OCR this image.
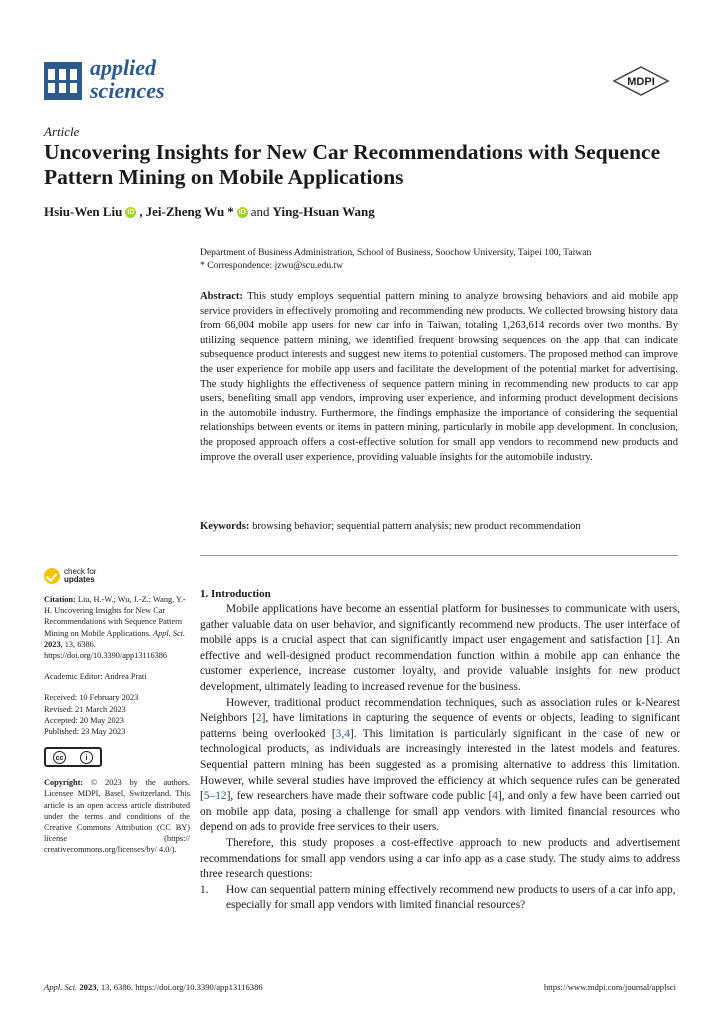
applied
sciences	MDPI
Article
Uncovering Insights for New Car Recommendations with Sequence Pattern Mining on Mobile Applications
Hsiu-Wen Liu iD , Jei-Zheng Wu * iD and Ying-Hsuan Wang
Department of Business Administration, School of Business, Soochow University, Taipei 100, Taiwan
* Correspondence: jzwu@scu.edu.tw

Abstract: This study employs sequential pattern mining to analyze browsing behaviors and aid mobile app service providers in effectively promoting and recommending new products. We collected browsing history data from 66,004 mobile app users for new car info in Taiwan, totaling 1,263,614 records over two months. By utilizing sequence pattern mining, we identified frequent browsing sequences on the app that can indicate subsequence product interests and suggest new items to potential customers. The proposed method can improve the user experience for mobile app users and facilitate the development of the potential market for advertising. The study highlights the effectiveness of sequence pattern mining in recommending new products to car app users, benefiting small app vendors, improving user experience, and informing product development decisions in the automobile industry. Furthermore, the findings emphasize the importance of considering the sequential relationships between events or items in pattern mining, particularly in mobile app development. In conclusion, the proposed approach offers a cost-effective solution for small app vendors to recommend new products and improve the overall user experience, providing valuable insights for the automobile industry.

Keywords: browsing behavior; sequential pattern analysis; new product recommendation

check for
updates
Citation: Liu, H.-W.; Wu, J.-Z.; Wang, Y.-H. Uncovering Insights for New Car Recommendations with Sequence Pattern Mining on Mobile Applications. Appl. Sci. 2023, 13, 6386. https://doi.org/10.3390/app13116386
Academic Editor: Andrea Prati
Received: 10 February 2023
Revised: 21 March 2023
Accepted: 20 May 2023
Published: 23 May 2023
cc	i
Copyright: © 2023 by the authors. Licensee MDPI, Basel, Switzerland. This article is an open access article distributed under the terms and conditions of the Creative Commons Attribution (CC BY) license (https:// creativecommons.org/licenses/by/ 4.0/).
1. Introduction

Mobile applications have become an essential platform for businesses to communicate with users, gather valuable data on user behavior, and significantly recommend new products. The user interface of mobile apps is a crucial aspect that can significantly impact user engagement and satisfaction [1]. An effective and well-designed product recommendation function within a mobile app can enhance the customer experience, increase customer loyalty, and provide valuable insights for new product development, ultimately leading to increased revenue for the business.

However, traditional product recommendation techniques, such as association rules or k-Nearest Neighbors [2], have limitations in capturing the sequence of events or objects, leading to significant patterns being overlooked [3,4]. This limitation is particularly significant in the case of new or technological products, as individuals are increasingly interested in the latest models and features. Sequential pattern mining has been suggested as a promising alternative to address this limitation. However, while several studies have improved the efficiency at which sequence rules can be generated [5–12], few researchers have made their software code public [4], and only a few have been carried out on mobile app data, posing a challenge for small app vendors with limited financial resources who depend on ads to provide free services to their users.

Therefore, this study proposes a cost-effective approach to new products and advertisement recommendations for small app vendors using a car info app as a case study. The study aims to address three research questions:

1.	How can sequential pattern mining effectively recommend new products to users of a car info app, especially for small app vendors with limited financial resources?
Appl. Sci. 2023, 13, 6386. https://doi.org/10.3390/app13116386	https://www.mdpi.com/journal/applsci
